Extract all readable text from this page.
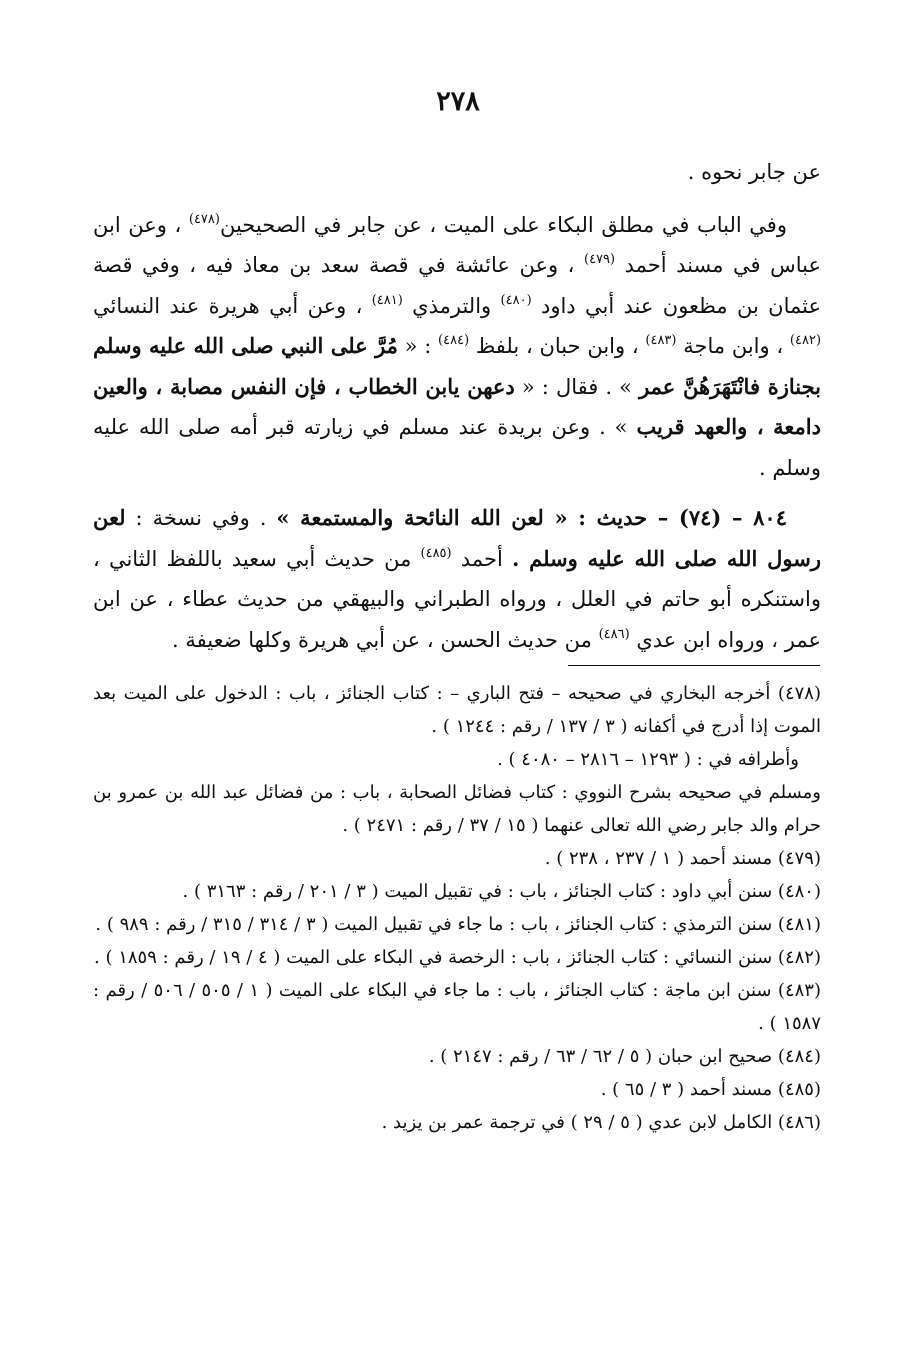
٢٧٨

عن جابر نحوه .

وفي الباب في مطلق البكاء على الميت ، عن جابر في الصحيحين$^{(٤٧٨)}$ ، وعن ابن عباس في مسند أحمد $^{(٤٧٩)}$ ، وعن عائشة في قصة سعد بن معاذ فيه ، وفي قصة عثمان بن مظعون عند أبي داود $^{(٤٨٠)}$ والترمذي $^{(٤٨١)}$ ، وعن أبي هريرة عند النسائي $^{(٤٨٢)}$ ، وابن ماجة $^{(٤٨٣)}$ ، وابن حبان ، بلفظ $^{(٤٨٤)}$ : « مُرَّ على النبي صلى الله عليه وسلم بجنازة فانْتَهَرَهُنَّ عمر » . فقال : « دعهن يابن الخطاب ، فإن النفس مصابة ، والعين دامعة ، والعهد قريب » . وعن بريدة عند مسلم في زيارته قبر أمه صلى الله عليه وسلم .

٨٠٤ – (٧٤) – حديث : « لعن الله النائحة والمستمعة » . وفي نسخة : لعن رسول الله صلى الله عليه وسلم . أحمد $^{(٤٨٥)}$ من حديث أبي سعيد باللفظ الثاني ، واستنكره أبو حاتم في العلل ، ورواه الطبراني والبيهقي من حديث عطاء ، عن ابن عمر ، ورواه ابن عدي $^{(٤٨٦)}$ من حديث الحسن ، عن أبي هريرة وكلها ضعيفة .

(٤٧٨) أخرجه البخاري في صحيحه – فتح الباري – : كتاب الجنائز ، باب : الدخول على الميت بعد الموت إذا أدرج في أكفانه ( ٣ / ١٣٧ / رقم : ١٢٤٤ ) .

وأطرافه في : ( ١٢٩٣ – ٢٨١٦ – ٤٠٨٠ ) .

ومسلم في صحيحه بشرح النووي : كتاب فضائل الصحابة ، باب : من فضائل عبد الله بن عمرو بن حرام والد جابر رضي الله تعالى عنهما ( ١٥ / ٣٧ / رقم : ٢٤٧١ ) .

(٤٧٩) مسند أحمد ( ١ / ٢٣٧ ، ٢٣٨ ) .

(٤٨٠) سنن أبي داود : كتاب الجنائز ، باب : في تقبيل الميت ( ٣ / ٢٠١ / رقم : ٣١٦٣ ) .

(٤٨١) سنن الترمذي : كتاب الجنائز ، باب : ما جاء في تقبيل الميت ( ٣ / ٣١٤ / ٣١٥ / رقم : ٩٨٩ ) .

(٤٨٢) سنن النسائي : كتاب الجنائز ، باب : الرخصة في البكاء على الميت ( ٤ / ١٩ / رقم : ١٨٥٩ ) .

(٤٨٣) سنن ابن ماجة : كتاب الجنائز ، باب : ما جاء في البكاء على الميت ( ١ / ٥٠٥ / ٥٠٦ / رقم : ١٥٨٧ ) .

(٤٨٤) صحيح ابن حبان ( ٥ / ٦٢ / ٦٣ / رقم : ٢١٤٧ ) .

(٤٨٥) مسند أحمد ( ٣ / ٦٥ ) .

(٤٨٦) الكامل لابن عدي ( ٥ / ٢٩ ) في ترجمة عمر بن يزيد .
